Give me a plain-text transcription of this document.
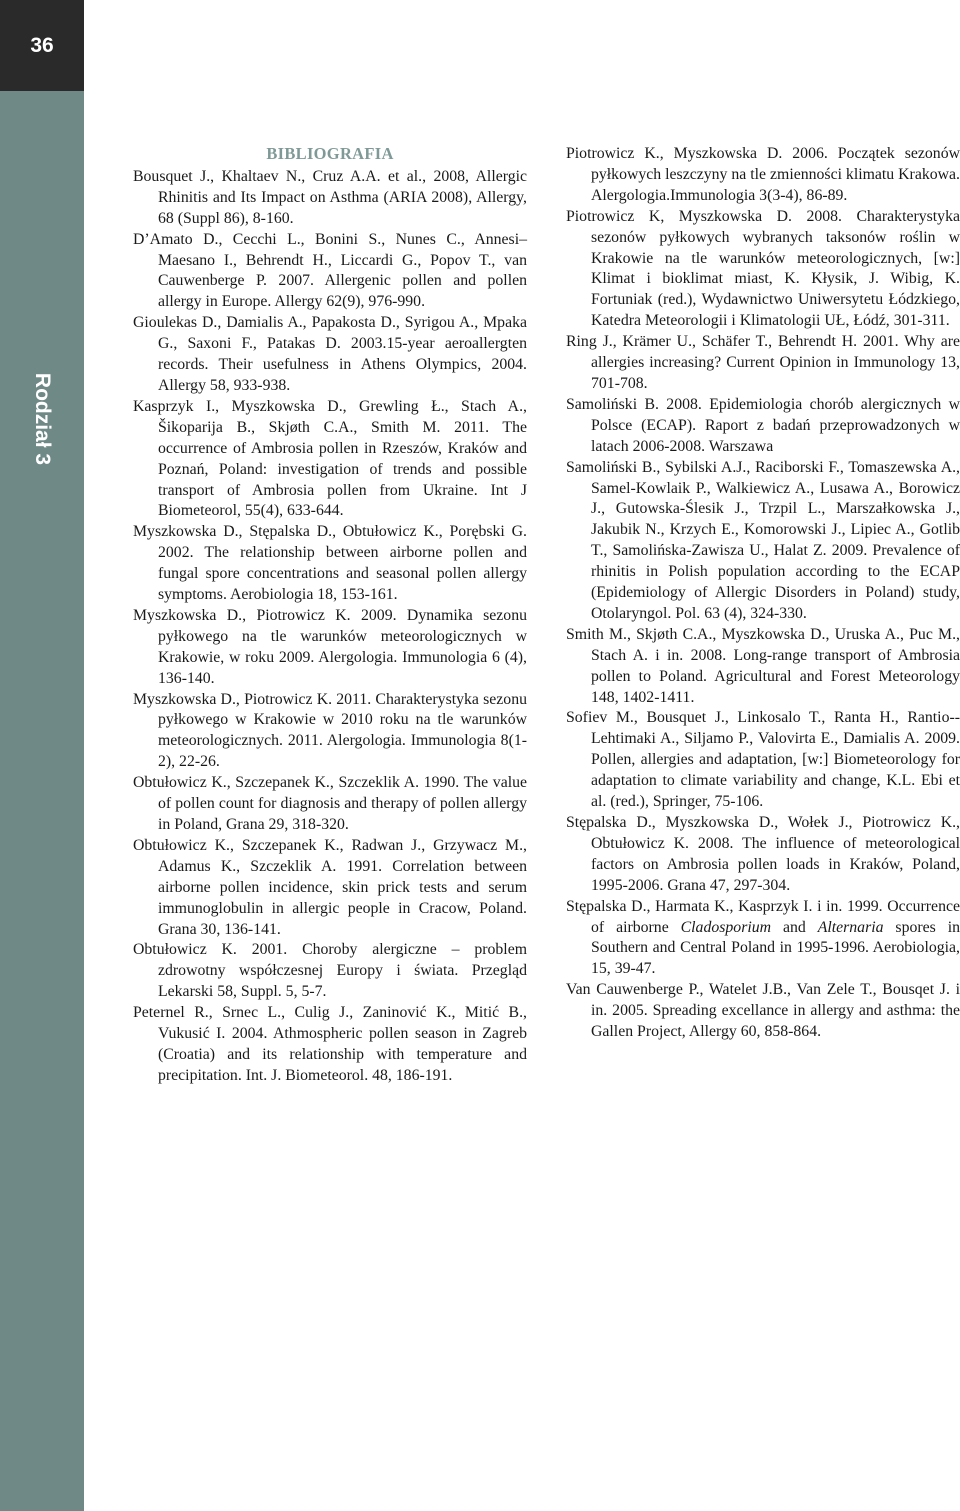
36
Rodział 3
BIBLIOGRAFIA

Bousquet J., Khaltaev N., Cruz A.A. et al., 2008, Allergic Rhinitis and Its Impact on Asthma (ARIA 2008), Allergy, 68 (Suppl 86), 8-160.

D’Amato D., Cecchi L., Bonini S., Nunes C., Annesi–Maesano I., Behrendt H., Liccardi G., Popov T., van Cauwenberge P. 2007. Allergenic pollen and pollen allergy in Europe. Allergy 62(9), 976-990.

Gioulekas D., Damialis A., Papakosta D., Syrigou A., Mpaka G., Saxoni F., Patakas D. 2003.15-year aeroallergten records. Their usefulness in Athens Olympics, 2004. Allergy 58, 933-938.

Kasprzyk I., Myszkowska D., Grewling Ł., Stach A., Šikoparija B., Skjøth C.A., Smith M. 2011. The occurrence of Ambrosia pollen in Rzeszów, Kraków and Poznań, Poland: investigation of trends and possible transport of Ambrosia pollen from Ukraine. Int J Biometeorol, 55(4), 633-644.

Myszkowska D., Stępalska D., Obtułowicz K., Porębski G. 2002. The relationship between airborne pollen and fungal spore concentrations and seasonal pollen allergy symptoms. Aerobiologia 18, 153-161.

Myszkowska D., Piotrowicz K. 2009. Dynamika sezonu pyłkowego na tle warunków meteorologicznych w Krakowie, w roku 2009. Alergologia. Immunologia 6 (4), 136-140.

Myszkowska D., Piotrowicz K. 2011. Charakterystyka sezonu pyłkowego w Krakowie w 2010 roku na tle warunków meteorologicznych. 2011. Alergologia. Immunologia 8(1-2), 22-26.

Obtułowicz K., Szczepanek K., Szczeklik A. 1990. The value of pollen count for diagnosis and therapy of pollen allergy in Poland, Grana 29, 318-320.

Obtułowicz K., Szczepanek K., Radwan J., Grzywacz M., Adamus K., Szczeklik A. 1991. Correlation between airborne pollen incidence, skin prick tests and serum immunoglobulin in allergic people in Cracow, Poland. Grana 30, 136-141.

Obtułowicz K. 2001. Choroby alergiczne – problem zdrowotny współczesnej Europy i świata. Przegląd Lekarski 58, Suppl. 5, 5-7.

Peternel R., Srnec L., Culig J., Zaninović K., Mitić B., Vukusić I. 2004. Athmospheric pollen season in Zagreb (Croatia) and its relationship with temperature and precipitation. Int. J. Biometeorol. 48, 186-191.

Piotrowicz K., Myszkowska D. 2006. Początek sezonów pyłkowych leszczyny na tle zmienności klimatu Krakowa. Alergologia.Immunologia 3(3-4), 86-89.

Piotrowicz K, Myszkowska D. 2008. Charakterystyka sezonów pyłkowych wybranych taksonów roślin w Krakowie na tle warunków meteorologicznych, [w:] Klimat i bioklimat miast, K. Kłysik, J. Wibig, K. Fortuniak (red.), Wydawnictwo Uniwersytetu Łódzkiego, Katedra Meteorologii i Klimatologii UŁ, Łódź, 301-311.

Ring J., Krämer U., Schäfer T., Behrendt H. 2001. Why are allergies increasing? Current Opinion in Immunology 13, 701-708.

Samoliński B. 2008. Epidemiologia chorób alergicznych w Polsce (ECAP). Raport z badań przeprowadzonych w latach 2006-2008. Warszawa

Samoliński B., Sybilski A.J., Raciborski F., Tomaszewska A., Samel-Kowlaik P., Walkiewicz A., Lusawa A., Borowicz J., Gutowska-Ślesik J., Trzpil L., Marszałkowska J., Jakubik N., Krzych E., Komorowski J., Lipiec A., Gotlib T., Samolińska-Zawisza U., Halat Z. 2009. Prevalence of rhinitis in Polish population according to the ECAP (Epidemiology of Allergic Disorders in Poland) study, Otolaryngol. Pol. 63 (4), 324-330.

Smith M., Skjøth C.A., Myszkowska D., Uruska A., Puc M., Stach A. i in. 2008. Long-range transport of Ambrosia pollen to Poland. Agricultural and Forest Meteorology 148, 1402-1411.

Sofiev M., Bousquet J., Linkosalo T., Ranta H., Rantio--Lehtimaki A., Siljamo P., Valovirta E., Damialis A. 2009. Pollen, allergies and adaptation, [w:] Biometeorology for adaptation to climate variability and change, K.L. Ebi et al. (red.), Springer, 75-106.

Stępalska D., Myszkowska D., Wołek J., Piotrowicz K., Obtułowicz K. 2008. The influence of meteorological factors on Ambrosia pollen loads in Kraków, Poland, 1995-2006. Grana 47, 297-304.

Stępalska D., Harmata K., Kasprzyk I. i in. 1999. Occurrence of airborne Cladosporium and Alternaria spores in Southern and Central Poland in 1995-1996. Aerobiologia, 15, 39-47.

Van Cauwenberge P., Watelet J.B., Van Zele T., Bousqet J. i in. 2005. Spreading excellance in allergy and asthma: the Gallen Project, Allergy 60, 858-864.
